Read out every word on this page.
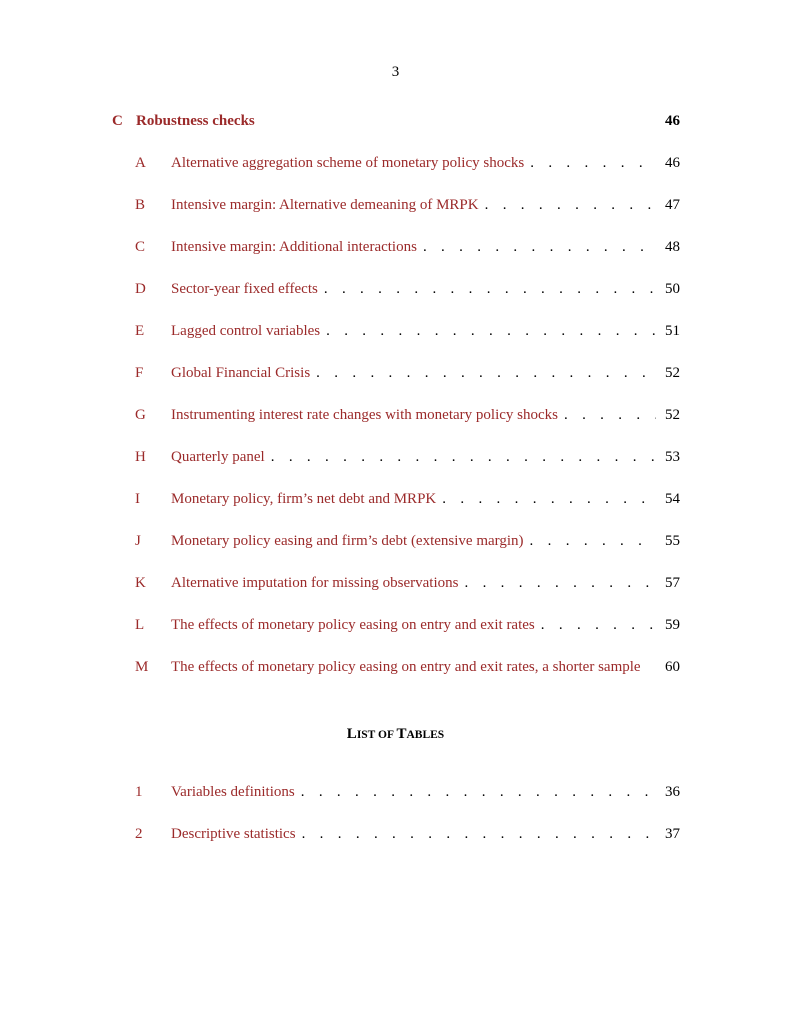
3
C Robustness checks	46
A	Alternative aggregation scheme of monetary policy shocks . . .	46
B	Intensive margin: Alternative demeaning of MRPK . . .	47
C	Intensive margin: Additional interactions . . .	48
D	Sector-year fixed effects . . .	50
E	Lagged control variables . . .	51
F	Global Financial Crisis . . .	52
G	Instrumenting interest rate changes with monetary policy shocks . . .	52
H	Quarterly panel . . .	53
I	Monetary policy, firm’s net debt and MRPK . . .	54
J	Monetary policy easing and firm’s debt (extensive margin) . . .	55
K	Alternative imputation for missing observations . . .	57
L	The effects of monetary policy easing on entry and exit rates . . .	59
M	The effects of monetary policy easing on entry and exit rates, a shorter sample	60
LIST OF TABLES
1	Variables definitions . . .	36
2	Descriptive statistics . . .	37
